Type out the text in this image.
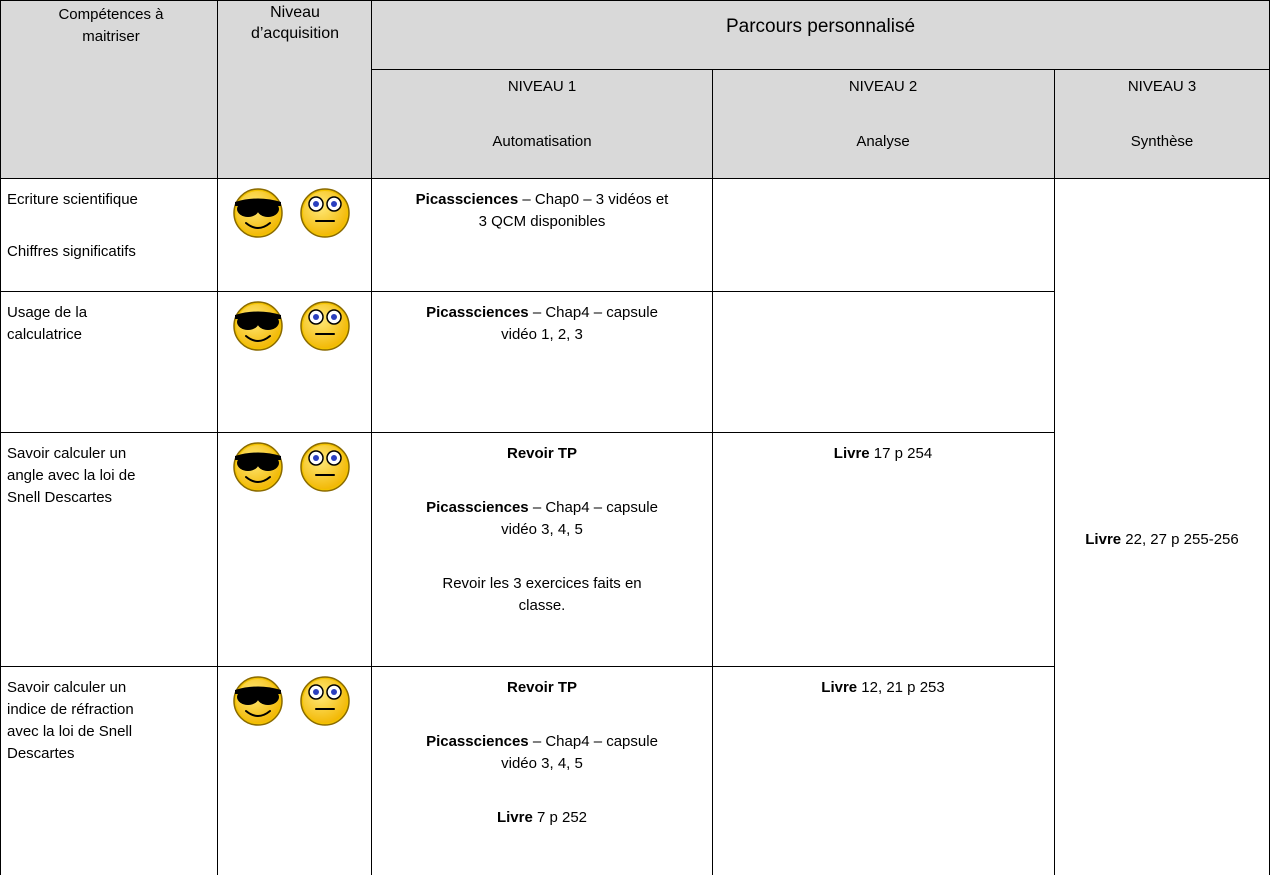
Compétences à maitriser
Niveau d’acquisition	Parcours personnalisé
NIVEAU 1
Automatisation
NIVEAU 2
Analyse
NIVEAU 3
Synthèse
Ecriture scientifique
Chiffres significatifs
Picassciences – Chap0 – 3 vidéos et
3 QCM disponibles
Usage de la
calculatrice
Picassciences – Chap4 – capsule
vidéo 1, 2, 3
Savoir calculer un
angle avec la loi de
Snell Descartes
Revoir TP
Picassciences – Chap4 – capsule
vidéo 3, 4, 5
Revoir les 3 exercices faits en
classe.
Livre 17 p 254
Savoir calculer un
indice de réfraction
avec la loi de Snell
Descartes
Revoir TP
Picassciences – Chap4 – capsule
vidéo 3, 4, 5
Livre 7 p 252
Livre 12, 21 p 253
Livre 22, 27 p 255-256
